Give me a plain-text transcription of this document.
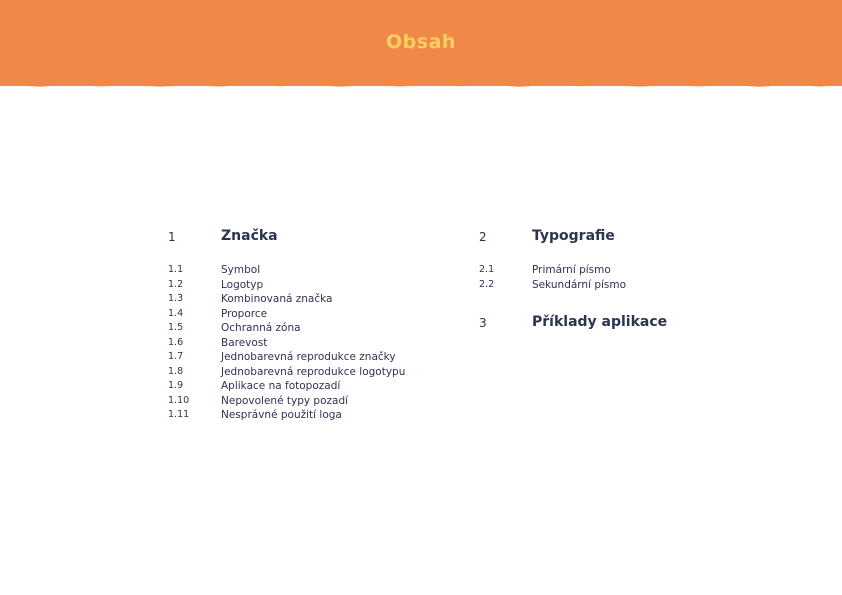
Obsah
1	Značka
1.1	Symbol
1.2	Logotyp
1.3	Kombinovaná značka
1.4	Proporce
1.5	Ochranná zóna
1.6	Barevost
1.7	Jednobarevná reprodukce značky
1.8	Jednobarevná reprodukce logotypu
1.9	Aplikace na fotopozadí
1.10	Nepovolené typy pozadí
1.11	Nesprávné použití loga
2	Typografie
2.1	Primární písmo
2.2	Sekundární písmo
3	Příklady aplikace
